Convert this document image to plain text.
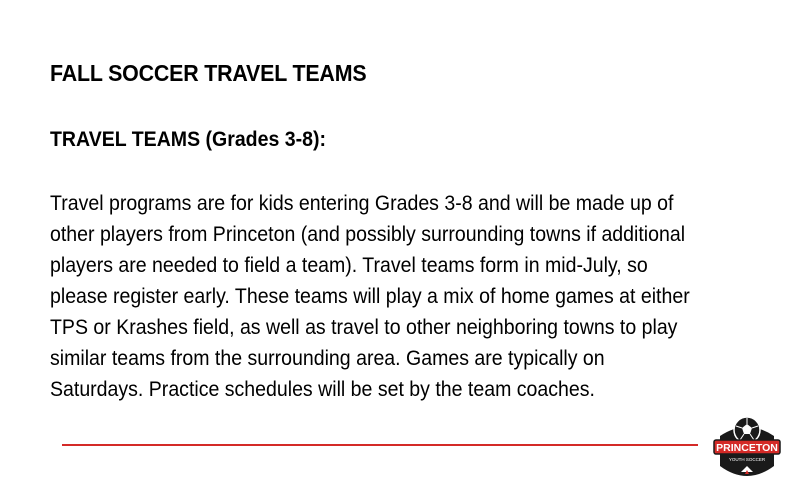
FALL SOCCER TRAVEL TEAMS
TRAVEL TEAMS (Grades 3-8):

Travel programs are for kids entering Grades 3-8 and will be made up of
other players from Princeton (and possibly surrounding towns if additional
players are needed to field a team). Travel teams form in mid-July, so
please register early. These teams will play a mix of home games at either
TPS or Krashes field, as well as travel to other neighboring towns to play
similar teams from the surrounding area. Games are typically on
Saturdays. Practice schedules will be set by the team coaches.

PRINCETON
YOUTH SOCCER
